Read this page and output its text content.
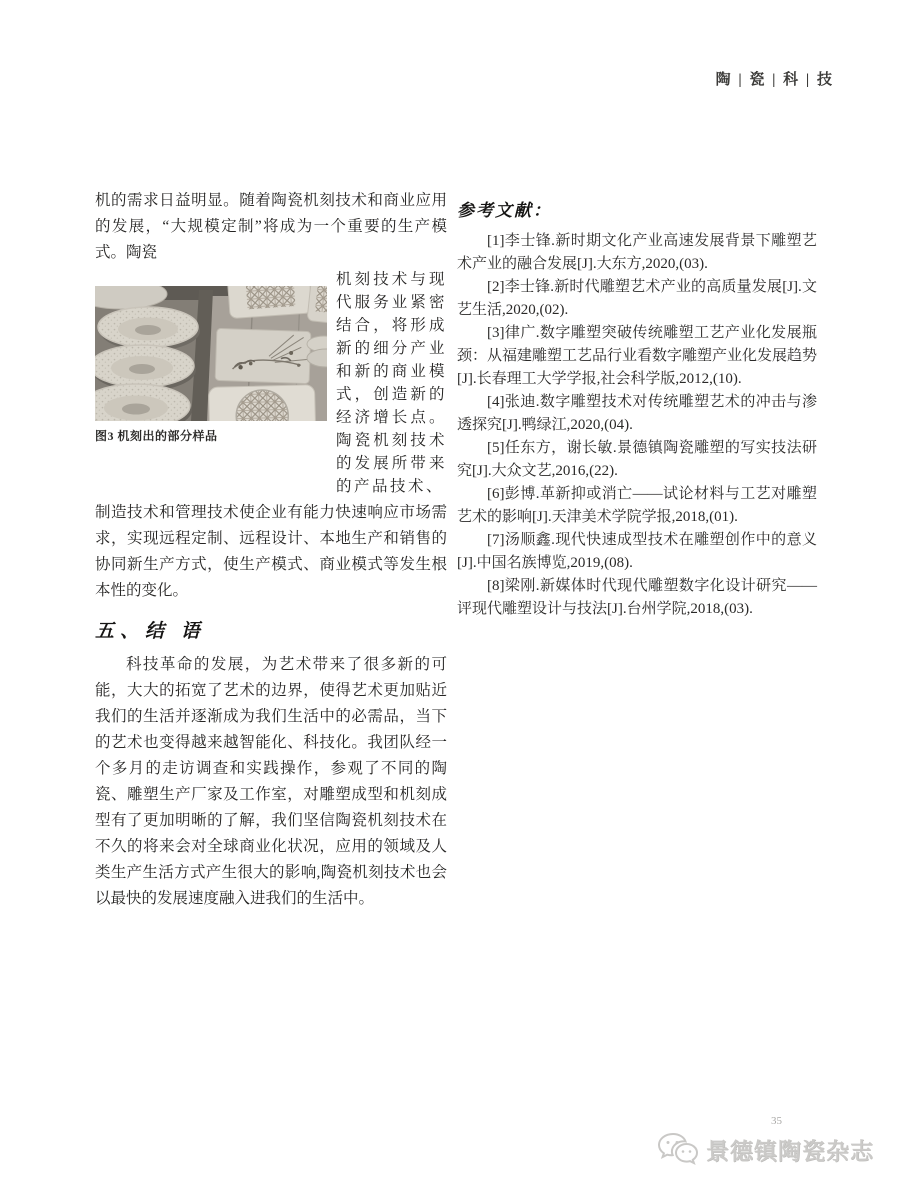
陶 | 瓷 | 科 | 技

机的需求日益明显。随着陶瓷机刻技术和商业应用的发展，“大规模定制”将成为一个重要的生产模式。陶瓷

图3 机刻出的部分样品

机刻技术与现代服务业紧密结合，将形成新的细分产业和新的商业模式，创造新的经济增长点。陶瓷机刻技术的发展所带来的产品技术、

制造技术和管理技术使企业有能力快速响应市场需求，实现远程定制、远程设计、本地生产和销售的协同新生产方式，使生产模式、商业模式等发生根本性的变化。

五、结 语

科技革命的发展，为艺术带来了很多新的可能，大大的拓宽了艺术的边界，使得艺术更加贴近我们的生活并逐渐成为我们生活中的必需品，当下的艺术也变得越来越智能化、科技化。我团队经一个多月的走访调查和实践操作，参观了不同的陶瓷、雕塑生产厂家及工作室，对雕塑成型和机刻成型有了更加明晰的了解，我们坚信陶瓷机刻技术在不久的将来会对全球商业化状况，应用的领域及人类生产生活方式产生很大的影响,陶瓷机刻技术也会以最快的发展速度融入进我们的生活中。

参考文献：

[1]李士锋.新时期文化产业高速发展背景下雕塑艺术产业的融合发展[J].大东方,2020,(03).

[2]李士锋.新时代雕塑艺术产业的高质量发展[J].文艺生活,2020,(02).

[3]律广.数字雕塑突破传统雕塑工艺产业化发展瓶颈：从福建雕塑工艺品行业看数字雕塑产业化发展趋势[J].长春理工大学学报,社会科学版,2012,(10).

[4]张迪.数字雕塑技术对传统雕塑艺术的冲击与渗透探究[J].鸭绿江,2020,(04).

[5]任东方，谢长敏.景德镇陶瓷雕塑的写实技法研究[J].大众文艺,2016,(22).

[6]彭博.革新抑或消亡——试论材料与工艺对雕塑艺术的影响[J].天津美术学院学报,2018,(01).

[7]汤顺鑫.现代快速成型技术在雕塑创作中的意义[J].中国名族博览,2019,(08).

[8]梁刚.新媒体时代现代雕塑数字化设计研究——评现代雕塑设计与技法[J].台州学院,2018,(03).

35
景德镇陶瓷杂志
